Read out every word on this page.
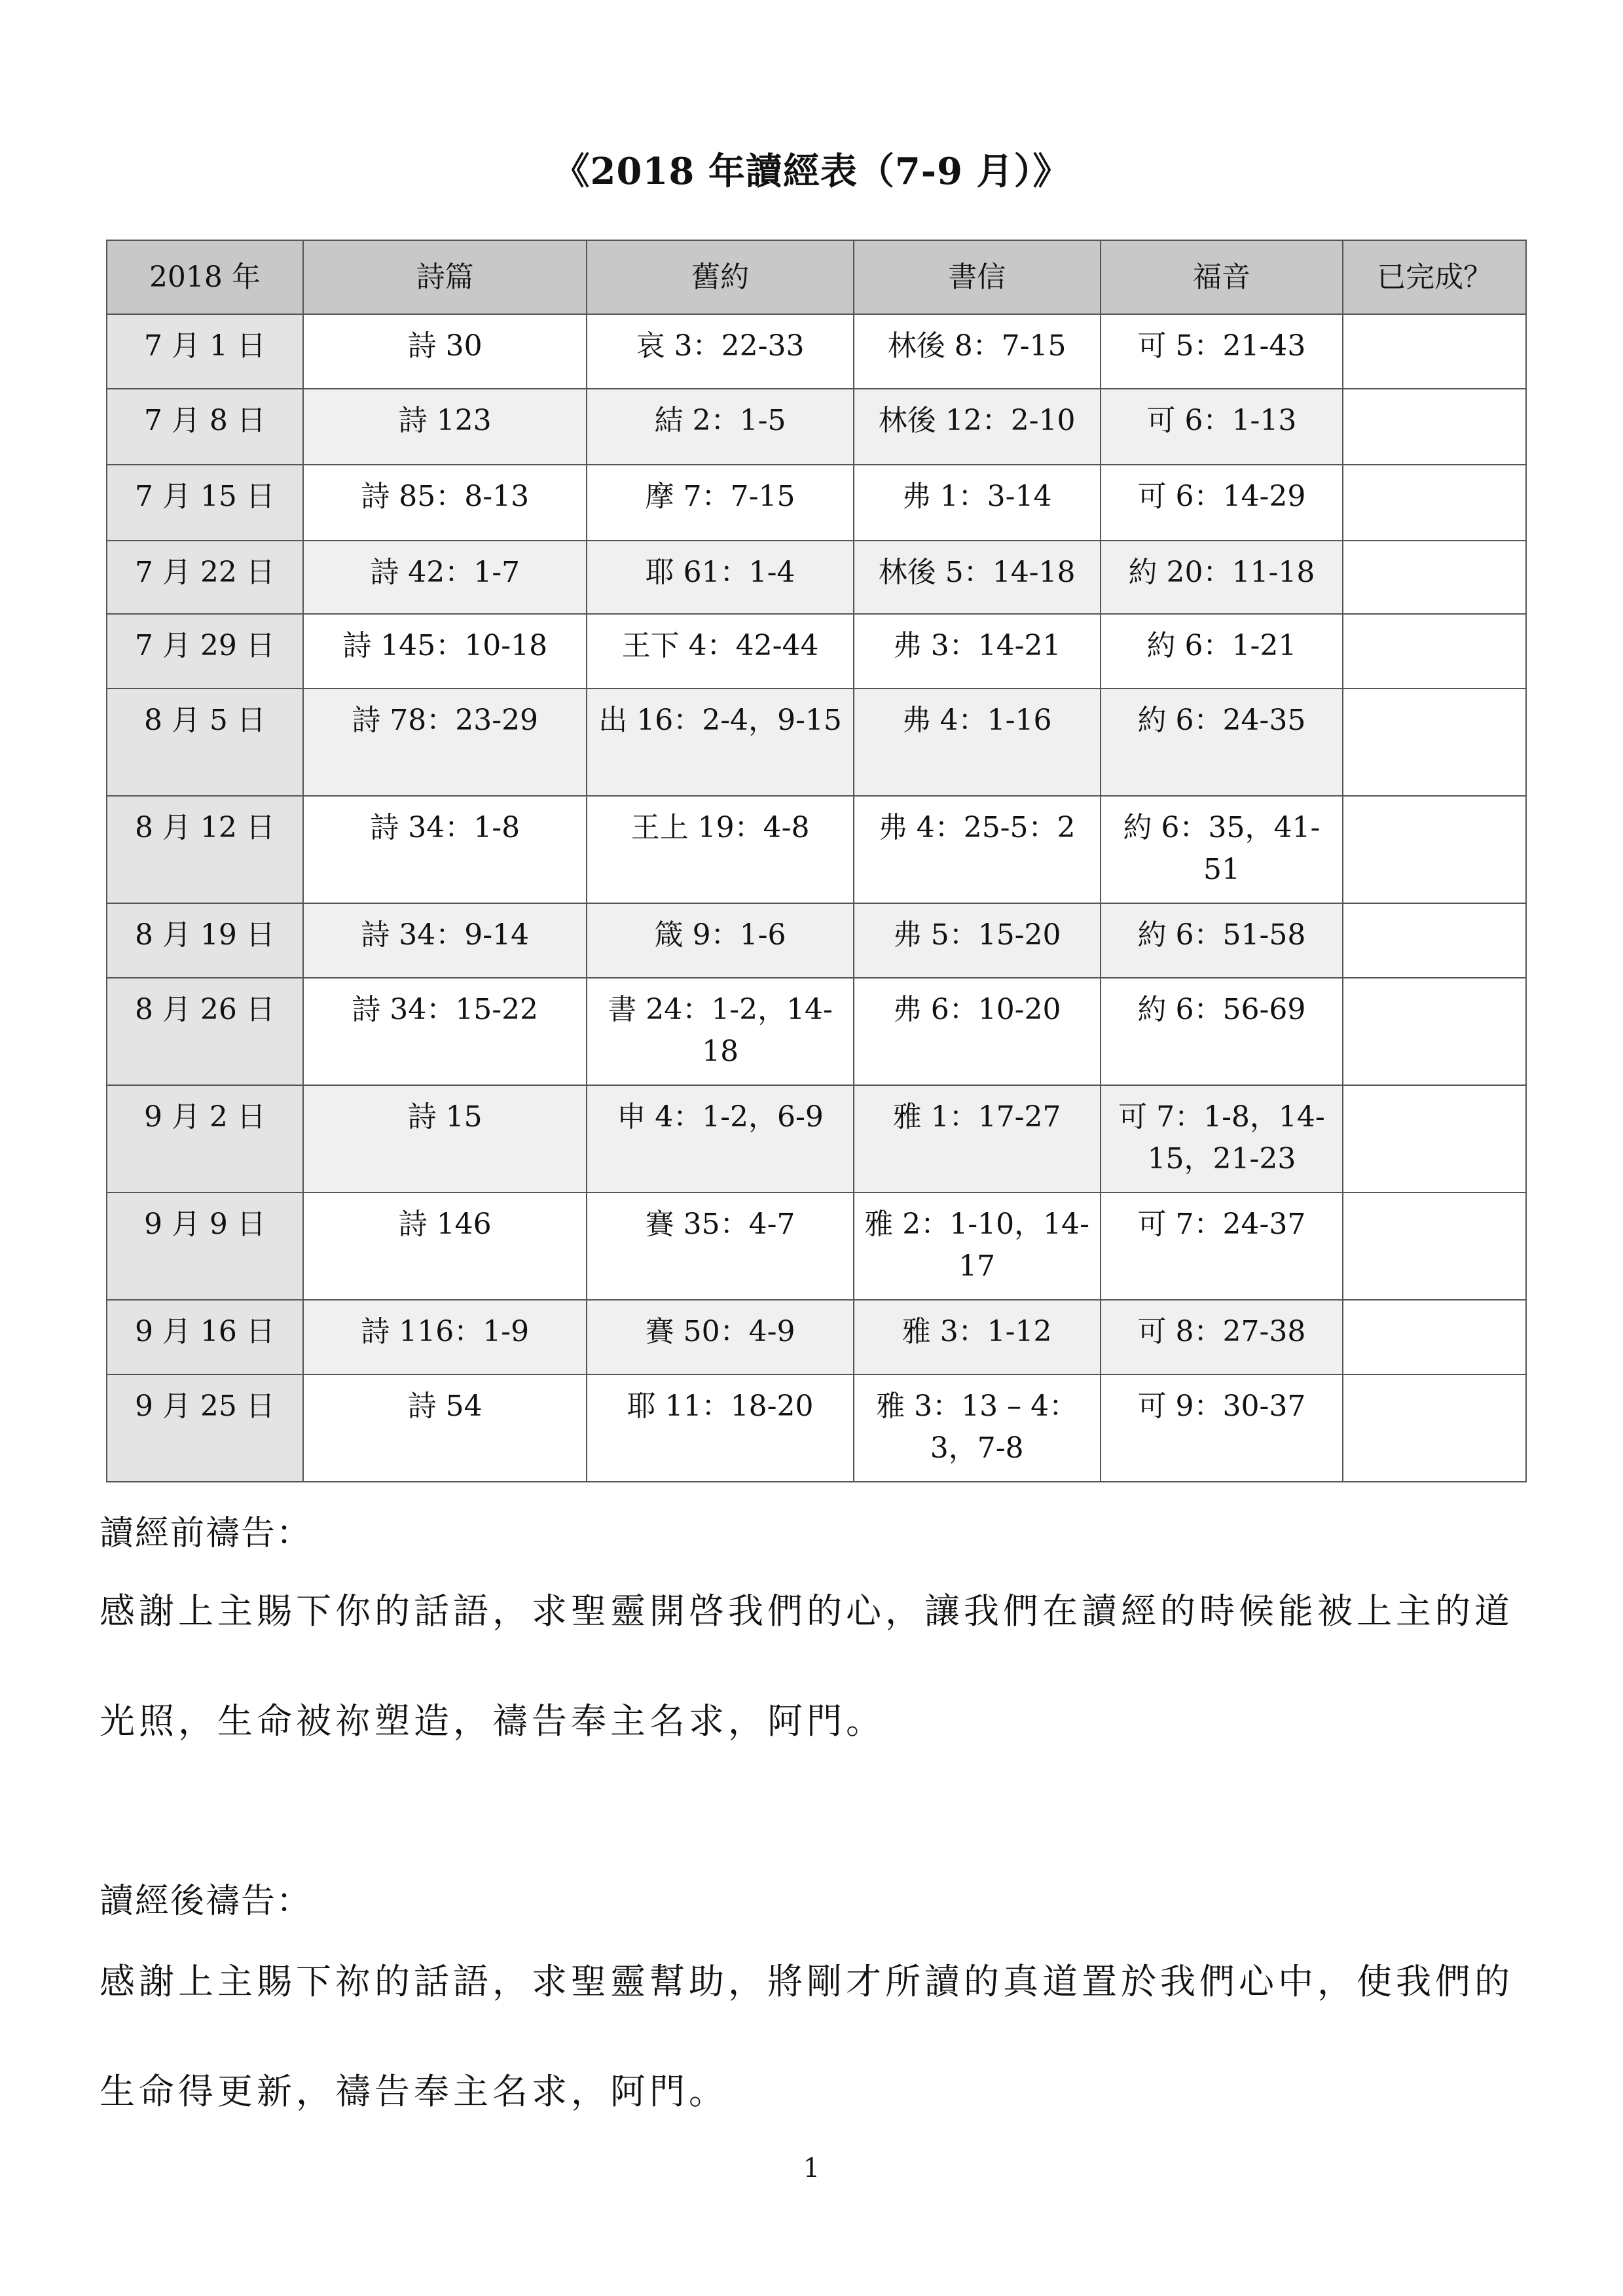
《2018 年讀經表（7-9 月）》
2018 年	詩篇	舊約	書信	福音	已完成？
7 月 1 日	詩 30	哀 3：22-33	林後 8：7-15	可 5：21-43	
7 月 8 日	詩 123	結 2：1-5	林後 12：2-10	可 6：1-13	
7 月 15 日	詩 85：8-13	摩 7：7-15	弗 1：3-14	可 6：14-29	
7 月 22 日	詩 42：1-7	耶 61：1-4	林後 5：14-18	約 20：11-18	
7 月 29 日	詩 145：10-18	王下 4：42-44	弗 3：14-21	約 6：1-21	
8 月 5 日	詩 78：23-29	出 16：2-4，9-15	弗 4：1-16	約 6：24-35	
8 月 12 日	詩 34：1-8	王上 19：4-8	弗 4：25-5：2	約 6：35，41-51	
8 月 19 日	詩 34：9-14	箴 9：1-6	弗 5：15-20	約 6：51-58	
8 月 26 日	詩 34：15-22	書 24：1-2，14-18	弗 6：10-20	約 6：56-69	
9 月 2 日	詩 15	申 4：1-2，6-9	雅 1：17-27	可 7：1-8，14-15，21-23	
9 月 9 日	詩 146	賽 35：4-7	雅 2：1-10，14-17	可 7：24-37	
9 月 16 日	詩 116：1-9	賽 50：4-9	雅 3：1-12	可 8：27-38	
9 月 25 日	詩 54	耶 11：18-20	雅 3：13 – 4：3，7-8	可 9：30-37	
讀經前禱告：
感謝上主賜下你的話語，求聖靈開啓我們的心，讓我們在讀經的時候能被上主的道光照，生命被祢塑造，禱告奉主名求，阿門。
讀經後禱告：
感謝上主賜下祢的話語，求聖靈幫助，將剛才所讀的真道置於我們心中，使我們的生命得更新，禱告奉主名求，阿門。
1
